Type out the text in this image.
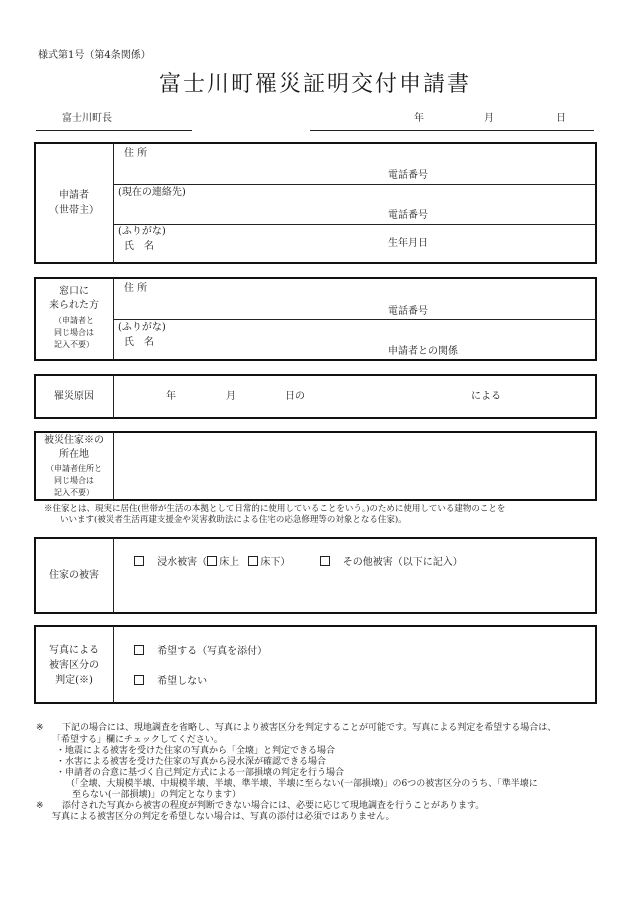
様式第1号（第4条関係）
富士川町罹災証明交付申請書
富士川町長	年	月	日
申請者
（世帯主）
住 所
電話番号
(現在の連絡先)
電話番号
(ふりがな)
氏　名	生年月日
窓口に
来られた方
（申請者と
同じ場合は
記入不要）
住 所
電話番号
(ふりがな)
氏　名
申請者との関係
罹災原因	年	月	日の	による
被災住家※の
所在地
（申請者住所と
同じ場合は
記入不要）
※住家とは、現実に居住(世帯が生活の本拠として日常的に使用していることをいう。)のために使用している建物のことを
いいます(被災者生活再建支援金や災害救助法による住宅の応急修理等の対象となる住家)。
住家の被害
浸水被害（ 床上 床下）	その他被害（以下に記入）
写真による
被害区分の
判定(※)
希望する（写真を添付）
希望しない
※ 下記の場合には、現地調査を省略し、写真により被害区分を判定することが可能です。写真による判定を希望する場合は、
「希望する」欄にチェックしてください。
・地震による被害を受けた住家の写真から「全壊」と判定できる場合
・水害による被害を受けた住家の写真から浸水深が確認できる場合
・申請者の合意に基づく自己判定方式による一部損壊の判定を行う場合
（「全壊、大規模半壊、中規模半壊、半壊、準半壊、半壊に至らない(一部損壊)」の6つの被害区分のうち、「準半壊に
至らない(一部損壊)」の判定となります）
※ 添付された写真から被害の程度が判断できない場合には、必要に応じて現地調査を行うことがあります。
写真による被害区分の判定を希望しない場合は、写真の添付は必須ではありません。
